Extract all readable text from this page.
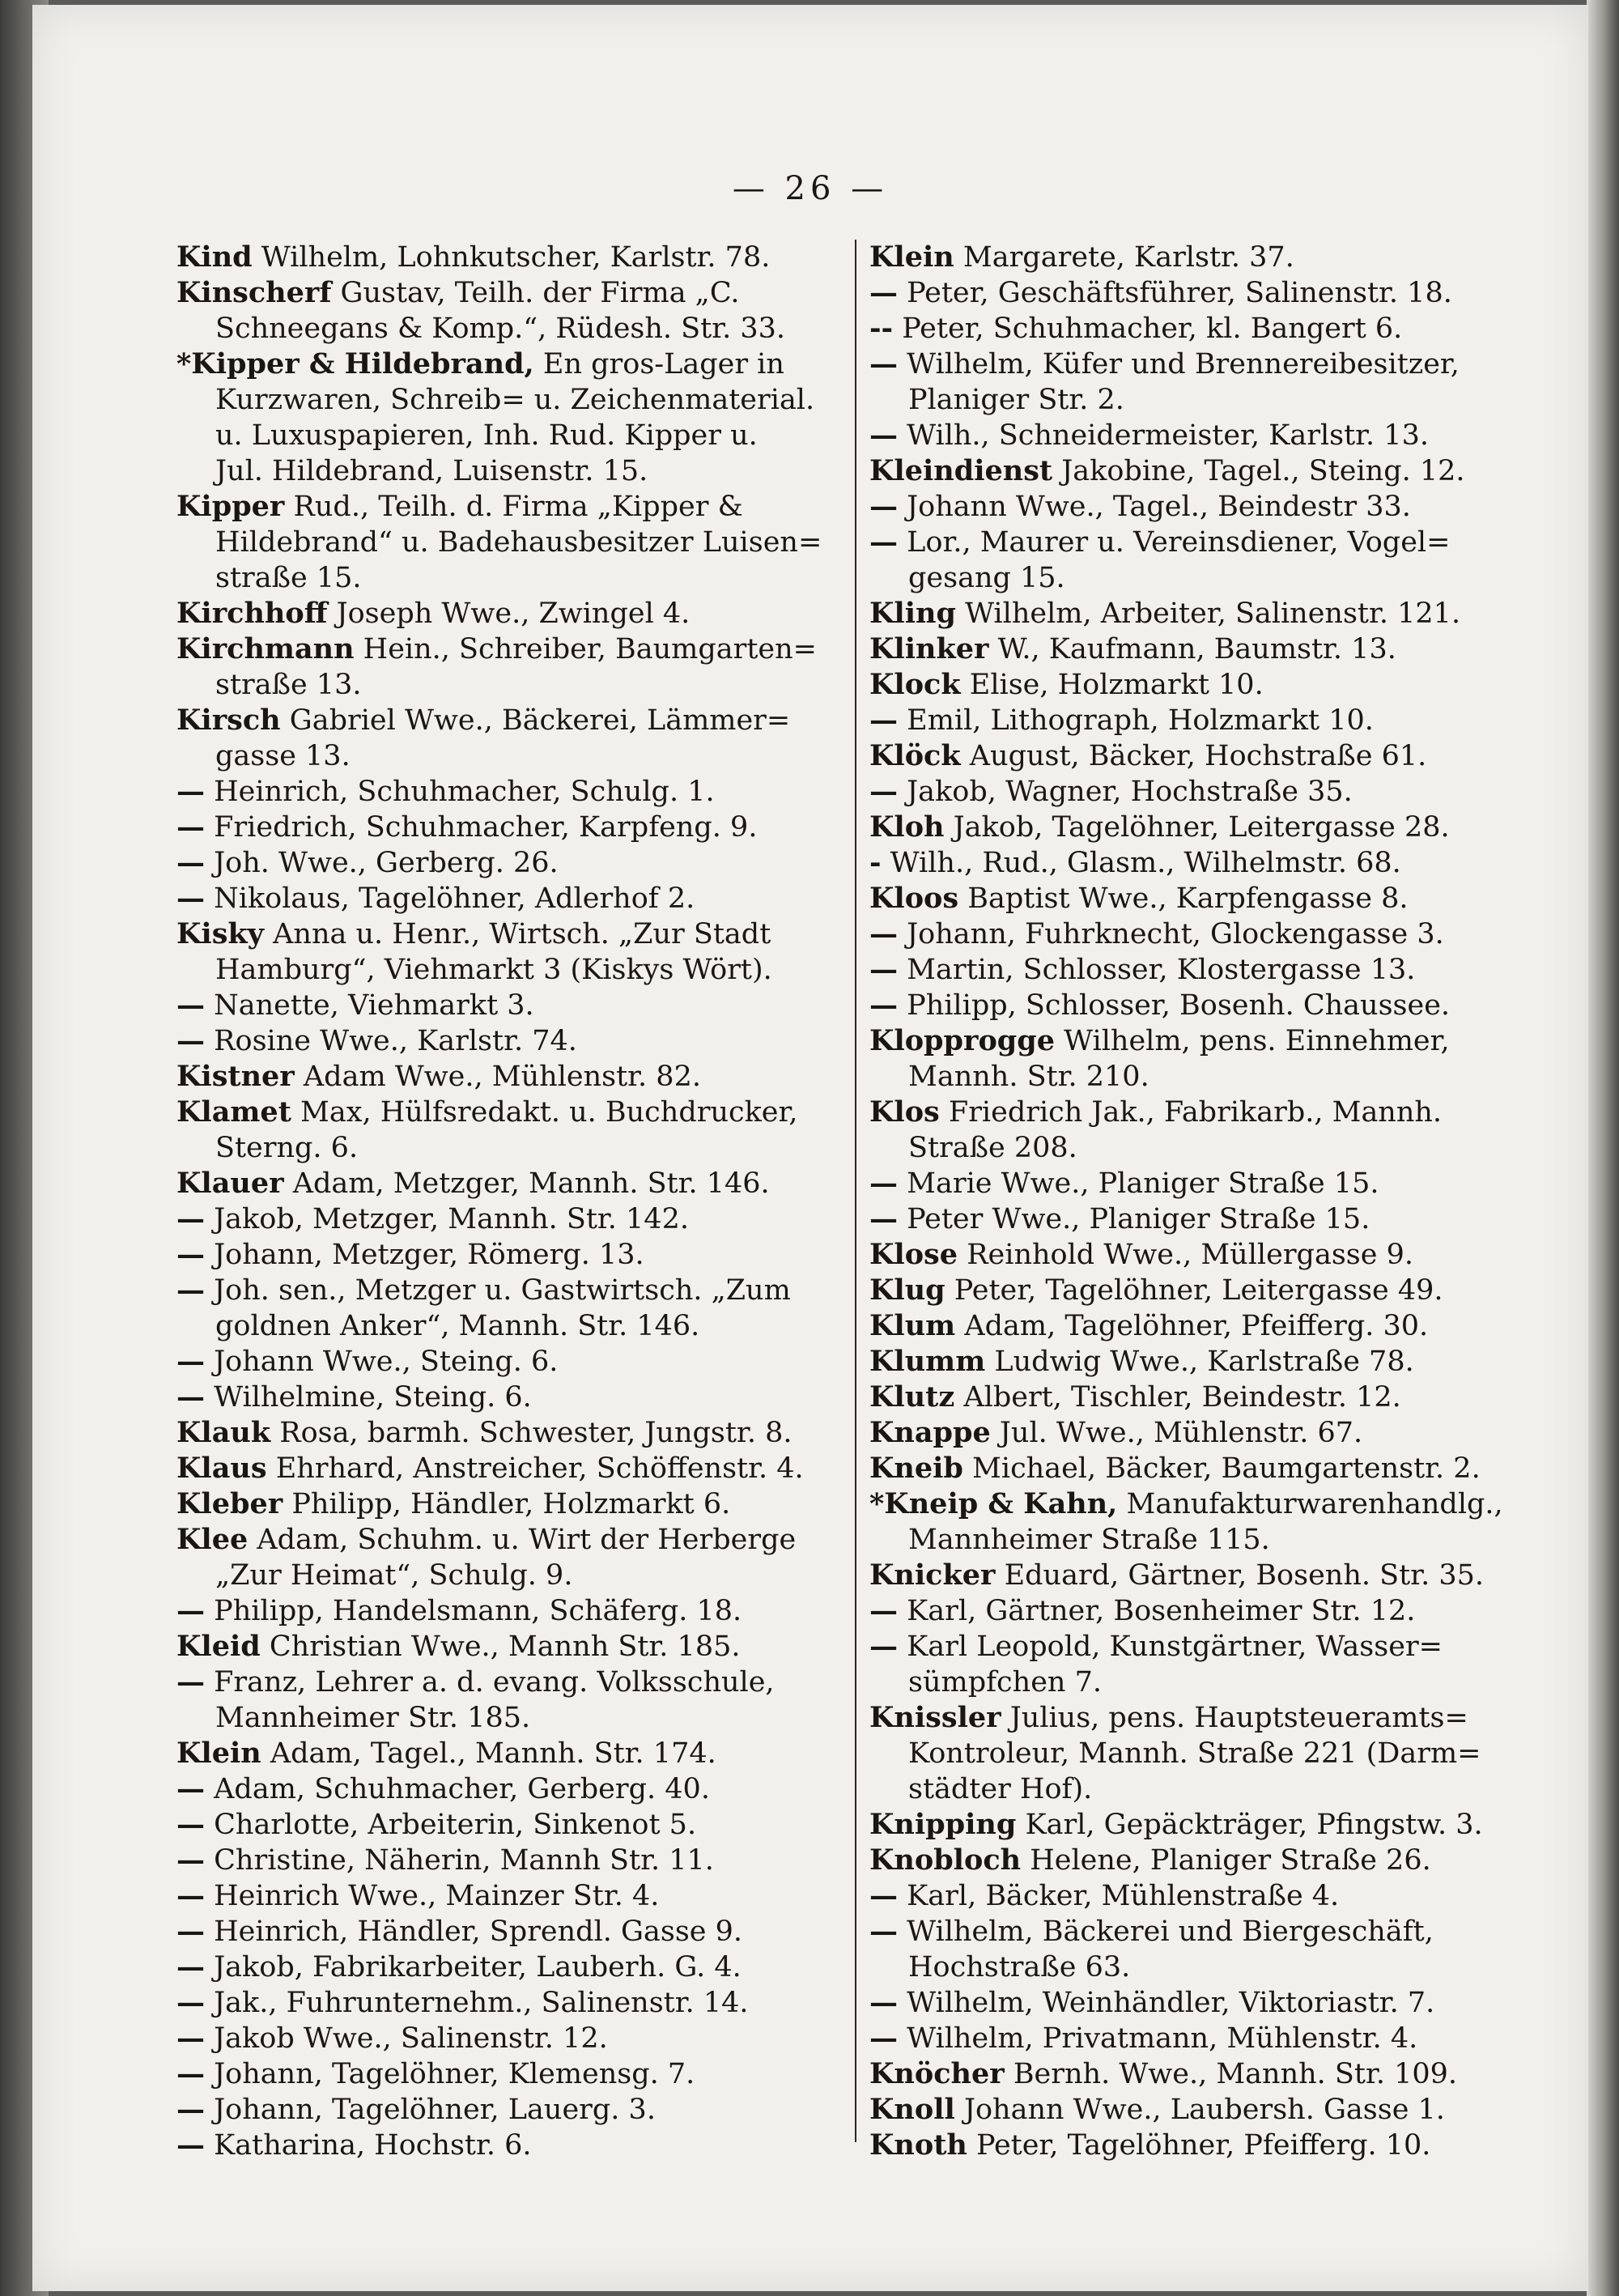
— 26 —
Kind Wilhelm, Lohnkutscher, Karlstr. 78.
Kinscherf Gustav, Teilh. der Firma „C.
Schneegans & Komp.“, Rüdesh. Str. 33.
*Kipper & Hildebrand, En gros-Lager in
Kurzwaren, Schreib= u. Zeichenmaterial.
u. Luxuspapieren, Inh. Rud. Kipper u.
Jul. Hildebrand, Luisenstr. 15.
Kipper Rud., Teilh. d. Firma „Kipper &
Hildebrand“ u. Badehausbesitzer Luisen=
straße 15.
Kirchhoff Joseph Wwe., Zwingel 4.
Kirchmann Hein., Schreiber, Baumgarten=
straße 13.
Kirsch Gabriel Wwe., Bäckerei, Lämmer=
gasse 13.
— Heinrich, Schuhmacher, Schulg. 1.
— Friedrich, Schuhmacher, Karpfeng. 9.
— Joh. Wwe., Gerberg. 26.
— Nikolaus, Tagelöhner, Adlerhof 2.
Kisky Anna u. Henr., Wirtsch. „Zur Stadt
Hamburg“, Viehmarkt 3 (Kiskys Wört).
— Nanette, Viehmarkt 3.
— Rosine Wwe., Karlstr. 74.
Kistner Adam Wwe., Mühlenstr. 82.
Klamet Max, Hülfsredakt. u. Buchdrucker,
Sterng. 6.
Klauer Adam, Metzger, Mannh. Str. 146.
— Jakob, Metzger, Mannh. Str. 142.
— Johann, Metzger, Römerg. 13.
— Joh. sen., Metzger u. Gastwirtsch. „Zum
goldnen Anker“, Mannh. Str. 146.
— Johann Wwe., Steing. 6.
— Wilhelmine, Steing. 6.
Klauk Rosa, barmh. Schwester, Jungstr. 8.
Klaus Ehrhard, Anstreicher, Schöffenstr. 4.
Kleber Philipp, Händler, Holzmarkt 6.
Klee Adam, Schuhm. u. Wirt der Herberge
„Zur Heimat“, Schulg. 9.
— Philipp, Handelsmann, Schäferg. 18.
Kleid Christian Wwe., Mannh Str. 185.
— Franz, Lehrer a. d. evang. Volksschule,
Mannheimer Str. 185.
Klein Adam, Tagel., Mannh. Str. 174.
— Adam, Schuhmacher, Gerberg. 40.
— Charlotte, Arbeiterin, Sinkenot 5.
— Christine, Näherin, Mannh Str. 11.
— Heinrich Wwe., Mainzer Str. 4.
— Heinrich, Händler, Sprendl. Gasse 9.
— Jakob, Fabrikarbeiter, Lauberh. G. 4.
— Jak., Fuhrunternehm., Salinenstr. 14.
— Jakob Wwe., Salinenstr. 12.
— Johann, Tagelöhner, Klemensg. 7.
— Johann, Tagelöhner, Lauerg. 3.
— Katharina, Hochstr. 6.
Klein Margarete, Karlstr. 37.
— Peter, Geschäftsführer, Salinenstr. 18.
-- Peter, Schuhmacher, kl. Bangert 6.
— Wilhelm, Küfer und Brennereibesitzer,
Planiger Str. 2.
— Wilh., Schneidermeister, Karlstr. 13.
Kleindienst Jakobine, Tagel., Steing. 12.
— Johann Wwe., Tagel., Beindestr 33.
— Lor., Maurer u. Vereinsdiener, Vogel=
gesang 15.
Kling Wilhelm, Arbeiter, Salinenstr. 121.
Klinker W., Kaufmann, Baumstr. 13.
Klock Elise, Holzmarkt 10.
— Emil, Lithograph, Holzmarkt 10.
Klöck August, Bäcker, Hochstraße 61.
— Jakob, Wagner, Hochstraße 35.
Kloh Jakob, Tagelöhner, Leitergasse 28.
- Wilh., Rud., Glasm., Wilhelmstr. 68.
Kloos Baptist Wwe., Karpfengasse 8.
— Johann, Fuhrknecht, Glockengasse 3.
— Martin, Schlosser, Klostergasse 13.
— Philipp, Schlosser, Bosenh. Chaussee.
Klopprogge Wilhelm, pens. Einnehmer,
Mannh. Str. 210.
Klos Friedrich Jak., Fabrikarb., Mannh.
Straße 208.
— Marie Wwe., Planiger Straße 15.
— Peter Wwe., Planiger Straße 15.
Klose Reinhold Wwe., Müllergasse 9.
Klug Peter, Tagelöhner, Leitergasse 49.
Klum Adam, Tagelöhner, Pfeifferg. 30.
Klumm Ludwig Wwe., Karlstraße 78.
Klutz Albert, Tischler, Beindestr. 12.
Knappe Jul. Wwe., Mühlenstr. 67.
Kneib Michael, Bäcker, Baumgartenstr. 2.
*Kneip & Kahn, Manufakturwarenhandlg.,
Mannheimer Straße 115.
Knicker Eduard, Gärtner, Bosenh. Str. 35.
— Karl, Gärtner, Bosenheimer Str. 12.
— Karl Leopold, Kunstgärtner, Wasser=
sümpfchen 7.
Knissler Julius, pens. Hauptsteueramts=
Kontroleur, Mannh. Straße 221 (Darm=
städter Hof).
Knipping Karl, Gepäckträger, Pfingstw. 3.
Knobloch Helene, Planiger Straße 26.
— Karl, Bäcker, Mühlenstraße 4.
— Wilhelm, Bäckerei und Biergeschäft,
Hochstraße 63.
— Wilhelm, Weinhändler, Viktoriastr. 7.
— Wilhelm, Privatmann, Mühlenstr. 4.
Knöcher Bernh. Wwe., Mannh. Str. 109.
Knoll Johann Wwe., Laubersh. Gasse 1.
Knoth Peter, Tagelöhner, Pfeifferg. 10.
